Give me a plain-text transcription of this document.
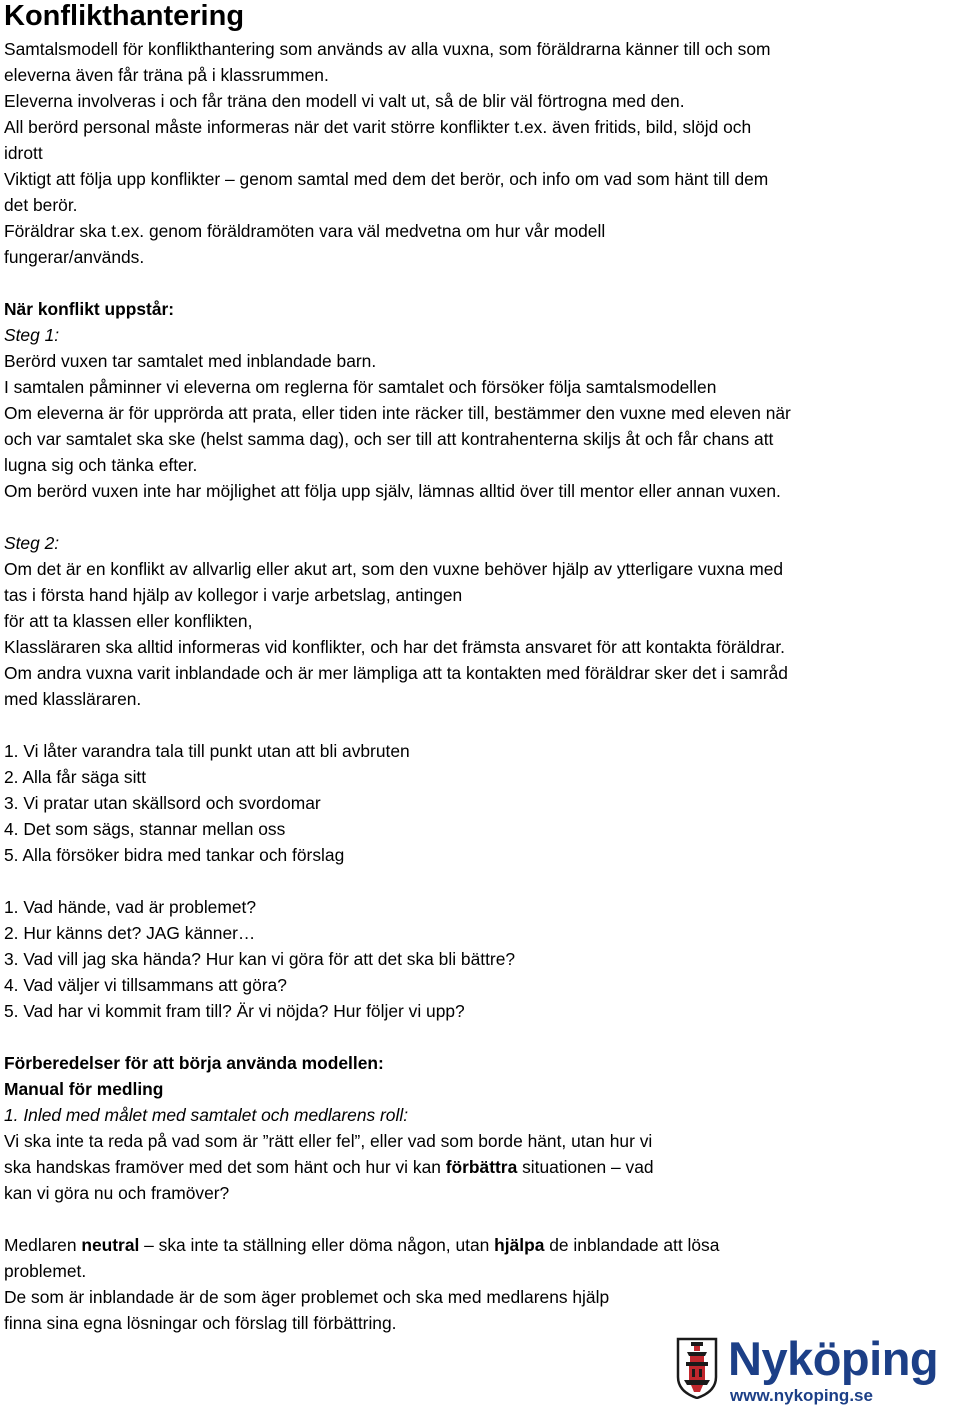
Konflikthantering
Samtalsmodell för konflikthantering som används av alla vuxna, som föräldrarna känner till och som
eleverna även får träna på i klassrummen.
Eleverna involveras i och får träna den modell vi valt ut, så de blir väl förtrogna med den.
All berörd personal måste informeras när det varit större konflikter t.ex. även fritids, bild, slöjd och
idrott
Viktigt att följa upp konflikter – genom samtal med dem det berör, och info om vad som hänt till dem
det berör.
Föräldrar ska t.ex. genom föräldramöten vara väl medvetna om hur vår modell
fungerar/används.
När konflikt uppstår:
Steg 1:
Berörd vuxen tar samtalet med inblandade barn.
I samtalen påminner vi eleverna om reglerna för samtalet och försöker följa samtalsmodellen
Om eleverna är för upprörda att prata, eller tiden inte räcker till, bestämmer den vuxne med eleven när
och var samtalet ska ske (helst samma dag), och ser till att kontrahenterna skiljs åt och får chans att
lugna sig och tänka efter.
Om berörd vuxen inte har möjlighet att följa upp själv, lämnas alltid över till mentor eller annan vuxen.
Steg 2:
Om det är en konflikt av allvarlig eller akut art, som den vuxne behöver hjälp av ytterligare vuxna med
tas i första hand hjälp av kollegor i varje arbetslag, antingen
för att ta klassen eller konflikten,
Klassläraren ska alltid informeras vid konflikter, och har det främsta ansvaret för att kontakta föräldrar.
Om andra vuxna varit inblandade och är mer lämpliga att ta kontakten med föräldrar sker det i samråd
med klassläraren.
1. Vi låter varandra tala till punkt utan att bli avbruten
2. Alla får säga sitt
3. Vi pratar utan skällsord och svordomar
4. Det som sägs, stannar mellan oss
5. Alla försöker bidra med tankar och förslag
1. Vad hände, vad är problemet?
2. Hur känns det? JAG känner…
3. Vad vill jag ska hända? Hur kan vi göra för att det ska bli bättre?
4. Vad väljer vi tillsammans att göra?
5. Vad har vi kommit fram till? Är vi nöjda? Hur följer vi upp?
Förberedelser för att börja använda modellen:
Manual för medling
1. Inled med målet med samtalet och medlarens roll:
Vi ska inte ta reda på vad som är ”rätt eller fel”, eller vad som borde hänt, utan hur vi
ska handskas framöver med det som hänt och hur vi kan förbättra situationen – vad
kan vi göra nu och framöver?
Medlaren neutral – ska inte ta ställning eller döma någon, utan hjälpa de inblandade att lösa
problemet.
De som är inblandade är de som äger problemet och ska med medlarens hjälp
finna sina egna lösningar och förslag till förbättring.
Nyköping
www.nykoping.se
